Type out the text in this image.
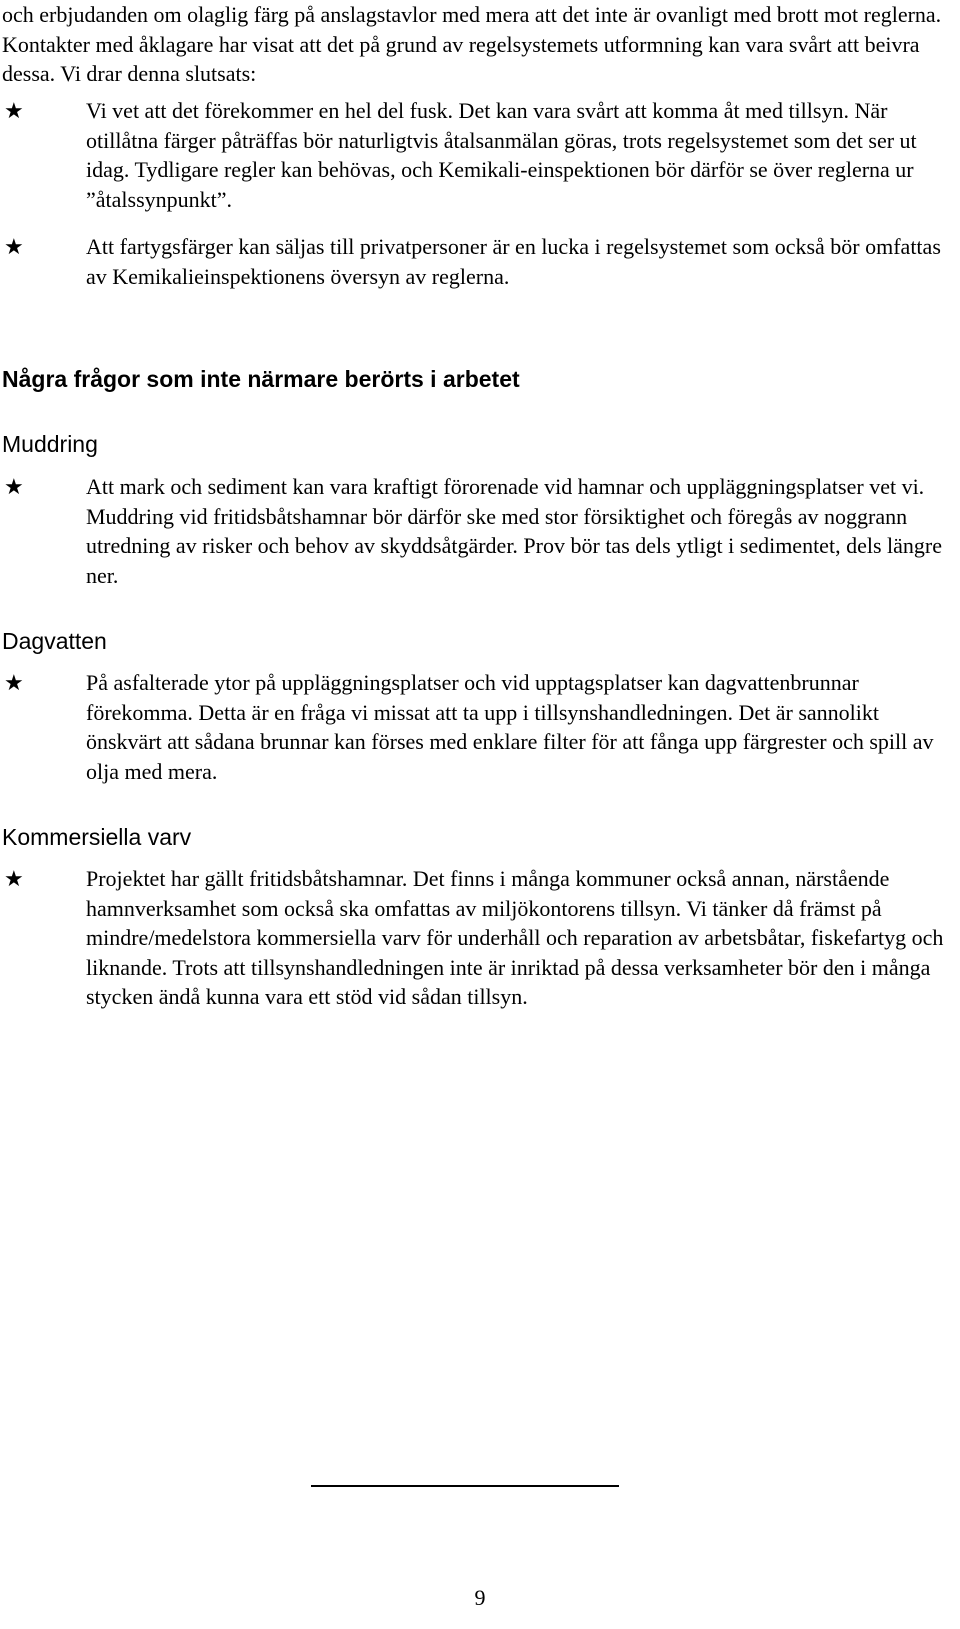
och erbjudanden om olaglig färg på anslagstavlor med mera att det inte är ovanligt med brott mot reglerna. Kontakter med åklagare har visat att det på grund av regelsystemets utformning kan vara svårt att beivra dessa. Vi drar denna slutsats:

★	Vi vet att det förekommer en hel del fusk. Det kan vara svårt att komma åt med tillsyn. När otillåtna färger påträffas bör naturligtvis åtalsanmälan göras, trots regelsystemet som det ser ut idag. Tydligare regler kan behövas, och Kemikali-einspektionen bör därför se över reglerna ur ”åtalssynpunkt”.

★	Att fartygsfärger kan säljas till privatpersoner är en lucka i regelsystemet som också bör omfattas av Kemikalieinspektionens översyn av reglerna.

Några frågor som inte närmare berörts i arbetet
Muddring
★	Att mark och sediment kan vara kraftigt förorenade vid hamnar och uppläggningsplatser vet vi. Muddring vid fritidsbåtshamnar bör därför ske med stor försiktighet och föregås av noggrann utredning av risker och behov av skyddsåtgärder. Prov bör tas dels ytligt i sedimentet, dels längre ner.

Dagvatten
★	På asfalterade ytor på uppläggningsplatser och vid upptagsplatser kan dagvattenbrunnar förekomma. Detta är en fråga vi missat att ta upp i tillsynshandledningen. Det är sannolikt önskvärt att sådana brunnar kan förses med enklare filter för att fånga upp färgrester och spill av olja med mera.

Kommersiella varv
★	Projektet har gällt fritidsbåtshamnar. Det finns i många kommuner också annan, närstående hamnverksamhet som också ska omfattas av miljökontorens tillsyn. Vi tänker då främst på mindre/medelstora kommersiella varv för underhåll och reparation av arbetsbåtar, fiskefartyg och liknande. Trots att tillsynshandledningen inte är inriktad på dessa verksamheter bör den i många stycken ändå kunna vara ett stöd vid sådan tillsyn.

9
